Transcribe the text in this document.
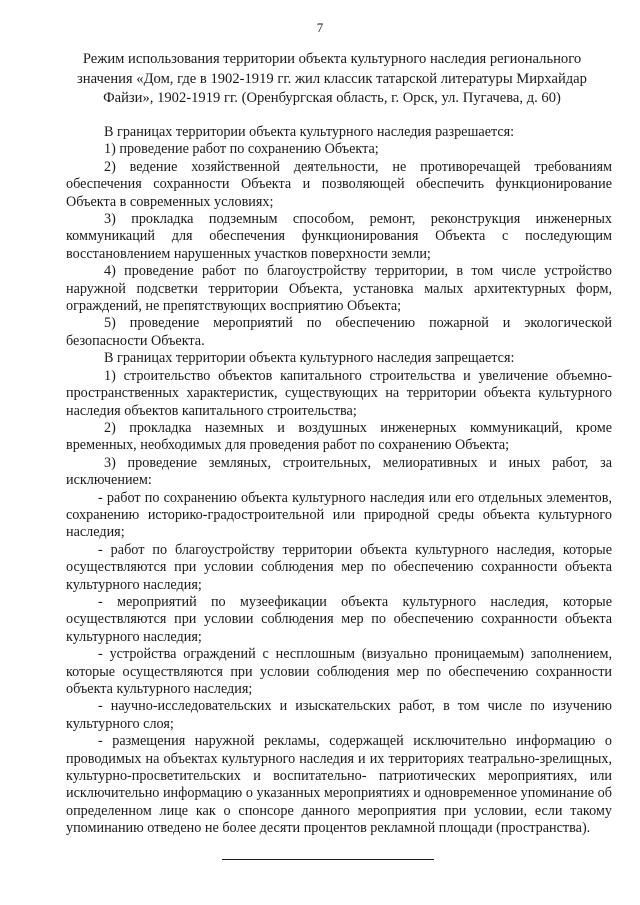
7
Режим использования территории объекта культурного наследия регионального значения «Дом, где в 1902-1919 гг. жил классик татарской литературы Мирхайдар Файзи», 1902-1919 гг. (Оренбургская область, г. Орск, ул. Пугачева, д. 60)

В границах территории объекта культурного наследия разрешается:

1) проведение работ по сохранению Объекта;

2) ведение хозяйственной деятельности, не противоречащей требованиям обеспечения сохранности Объекта и позволяющей обеспечить функционирование Объекта в современных условиях;

3) прокладка подземным способом, ремонт, реконструкция инженерных коммуникаций для обеспечения функционирования Объекта с последующим восстановлением нарушенных участков поверхности земли;

4) проведение работ по благоустройству территории, в том числе устройство наружной подсветки территории Объекта, установка малых архитектурных форм, ограждений, не препятствующих восприятию Объекта;

5) проведение мероприятий по обеспечению пожарной и экологической безопасности Объекта.

В границах территории объекта культурного наследия запрещается:

1) строительство объектов капитального строительства и увеличение объемно-пространственных характеристик, существующих на территории объекта культурного наследия объектов капитального строительства;

2) прокладка наземных и воздушных инженерных коммуникаций, кроме временных, необходимых для проведения работ по сохранению Объекта;

3) проведение земляных, строительных, мелиоративных и иных работ, за исключением:

- работ по сохранению объекта культурного наследия или его отдельных элементов, сохранению историко-градостроительной или природной среды объекта культурного наследия;

- работ по благоустройству территории объекта культурного наследия, которые осуществляются при условии соблюдения мер по обеспечению сохранности объекта культурного наследия;

- мероприятий по музеефикации объекта культурного наследия, которые осуществляются при условии соблюдения мер по обеспечению сохранности объекта культурного наследия;

- устройства ограждений с несплошным (визуально проницаемым) заполнением, которые осуществляются при условии соблюдения мер по обеспечению сохранности объекта культурного наследия;

- научно-исследовательских и изыскательских работ, в том числе по изучению культурного слоя;

- размещения наружной рекламы, содержащей исключительно информацию о проводимых на объектах культурного наследия и их территориях театрально-зрелищных, культурно-просветительских и воспитательно- патриотических мероприятиях, или исключительно информацию о указанных мероприятиях и одновременное упоминание об определенном лице как о спонсоре данного мероприятия при условии, если такому упоминанию отведено не более десяти процентов рекламной площади (пространства).
